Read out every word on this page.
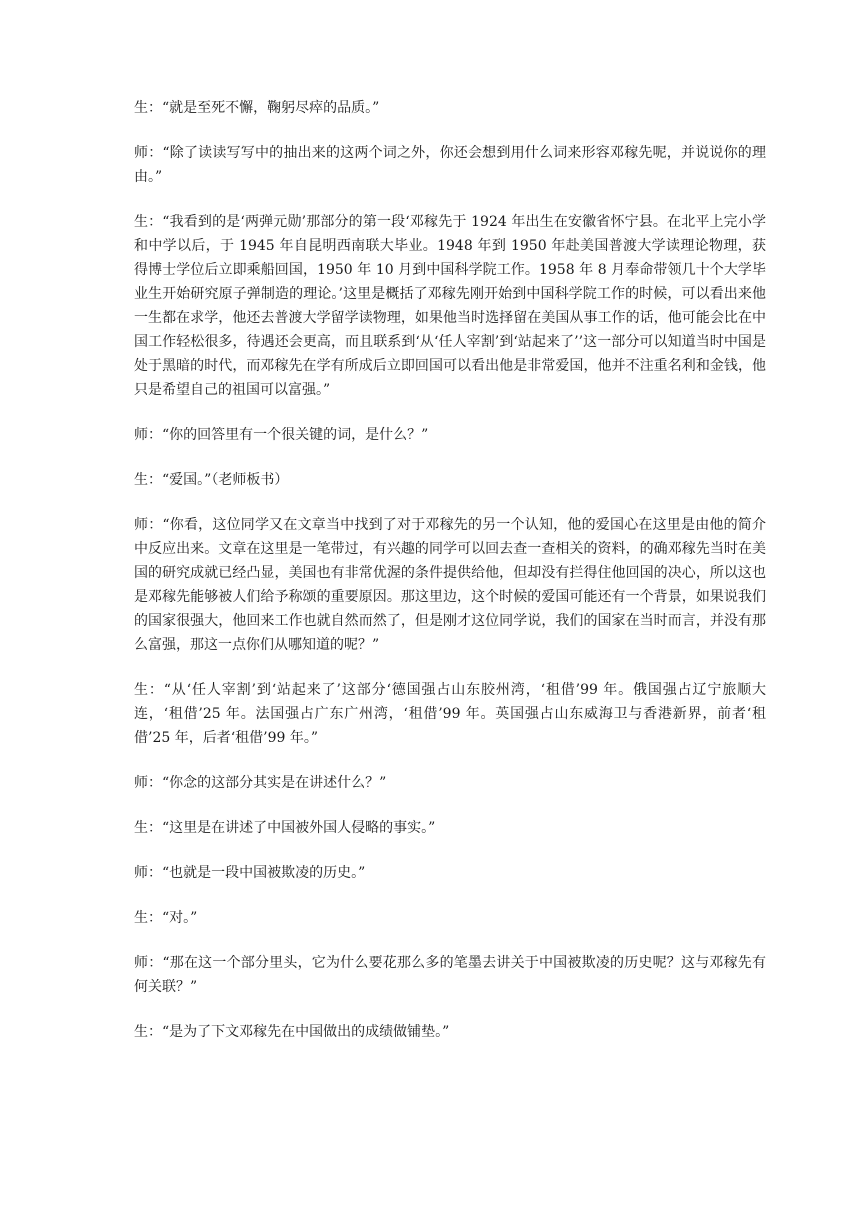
生：“就是至死不懈，鞠躬尽瘁的品质。”

师：“除了读读写写中的抽出来的这两个词之外，你还会想到用什么词来形容邓稼先呢，并说说你的理由。”

生：“我看到的是‘两弹元勋’那部分的第一段‘邓稼先于 1924 年出生在安徽省怀宁县。在北平上完小学和中学以后，于 1945 年自昆明西南联大毕业。1948 年到 1950 年赴美国普渡大学读理论物理，获得博士学位后立即乘船回国，1950 年 10 月到中国科学院工作。1958 年 8 月奉命带领几十个大学毕业生开始研究原子弹制造的理论。’这里是概括了邓稼先刚开始到中国科学院工作的时候，可以看出来他一生都在求学，他还去普渡大学留学读物理，如果他当时选择留在美国从事工作的话，他可能会比在中国工作轻松很多，待遇还会更高，而且联系到‘从‘任人宰割’到‘站起来了’’这一部分可以知道当时中国是处于黑暗的时代，而邓稼先在学有所成后立即回国可以看出他是非常爱国，他并不注重名利和金钱，他只是希望自己的祖国可以富强。”

师：“你的回答里有一个很关键的词，是什么？”

生：“爱国。”（老师板书）

师：“你看，这位同学又在文章当中找到了对于邓稼先的另一个认知，他的爱国心在这里是由他的简介中反应出来。文章在这里是一笔带过，有兴趣的同学可以回去查一查相关的资料，的确邓稼先当时在美国的研究成就已经凸显，美国也有非常优渥的条件提供给他，但却没有拦得住他回国的决心，所以这也是邓稼先能够被人们给予称颂的重要原因。那这里边，这个时候的爱国可能还有一个背景，如果说我们的国家很强大，他回来工作也就自然而然了，但是刚才这位同学说，我们的国家在当时而言，并没有那么富强，那这一点你们从哪知道的呢？”

生：“从‘任人宰割’到‘站起来了’这部分‘德国强占山东胶州湾，‘租借’99 年。俄国强占辽宁旅顺大连，‘租借’25 年。法国强占广东广州湾，‘租借’99 年。英国强占山东威海卫与香港新界，前者‘租借’25 年，后者‘租借’99 年。”

师：“你念的这部分其实是在讲述什么？”

生：“这里是在讲述了中国被外国人侵略的事实。”

师：“也就是一段中国被欺凌的历史。”

生：“对。”

师：“那在这一个部分里头，它为什么要花那么多的笔墨去讲关于中国被欺凌的历史呢？这与邓稼先有何关联？”

生：“是为了下文邓稼先在中国做出的成绩做铺垫。”
